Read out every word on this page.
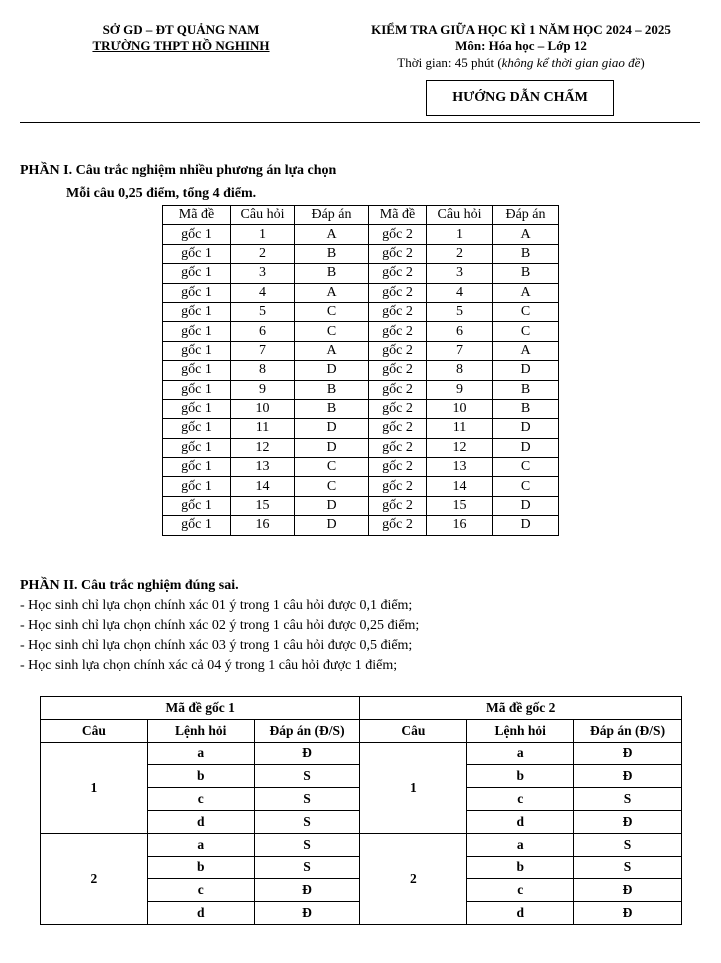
SỞ GD – ĐT QUẢNG NAM
TRƯỜNG THPT HỒ NGHINH
KIỂM TRA GIỮA HỌC KÌ 1 NĂM HỌC 2024 – 2025
Môn: Hóa học – Lớp 12
Thời gian: 45 phút (không kể thời gian giao đề)
HƯỚNG DẪN CHẤM
PHẦN I. Câu trắc nghiệm nhiều phương án lựa chọn
Mỗi câu 0,25 điểm, tổng 4 điểm.
Mã đề	Câu hỏi	Đáp án	Mã đề	Câu hỏi	Đáp án
gốc 1	1	A	gốc 2	1	A
gốc 1	2	B	gốc 2	2	B
gốc 1	3	B	gốc 2	3	B
gốc 1	4	A	gốc 2	4	A
gốc 1	5	C	gốc 2	5	C
gốc 1	6	C	gốc 2	6	C
gốc 1	7	A	gốc 2	7	A
gốc 1	8	D	gốc 2	8	D
gốc 1	9	B	gốc 2	9	B
gốc 1	10	B	gốc 2	10	B
gốc 1	11	D	gốc 2	11	D
gốc 1	12	D	gốc 2	12	D
gốc 1	13	C	gốc 2	13	C
gốc 1	14	C	gốc 2	14	C
gốc 1	15	D	gốc 2	15	D
gốc 1	16	D	gốc 2	16	D
PHẦN II. Câu trắc nghiệm đúng sai.
- Học sinh chỉ lựa chọn chính xác 01 ý trong 1 câu hỏi được 0,1 điểm;
- Học sinh chỉ lựa chọn chính xác 02 ý trong 1 câu hỏi được 0,25 điểm;
- Học sinh chỉ lựa chọn chính xác 03 ý trong 1 câu hỏi được 0,5 điểm;
- Học sinh lựa chọn chính xác cả 04 ý trong 1 câu hỏi được 1 điểm;
Mã đề gốc 1			Mã đề gốc 2		
Câu	Lệnh hỏi	Đáp án (Đ/S)	Câu	Lệnh hỏi	Đáp án (Đ/S)
1	a	Đ	1	a	Đ
	b	S		b	Đ
	c	S		c	S
	d	S		d	Đ
2	a	S	2	a	S
	b	S		b	S
	c	Đ		c	Đ
	d	Đ		d	Đ
